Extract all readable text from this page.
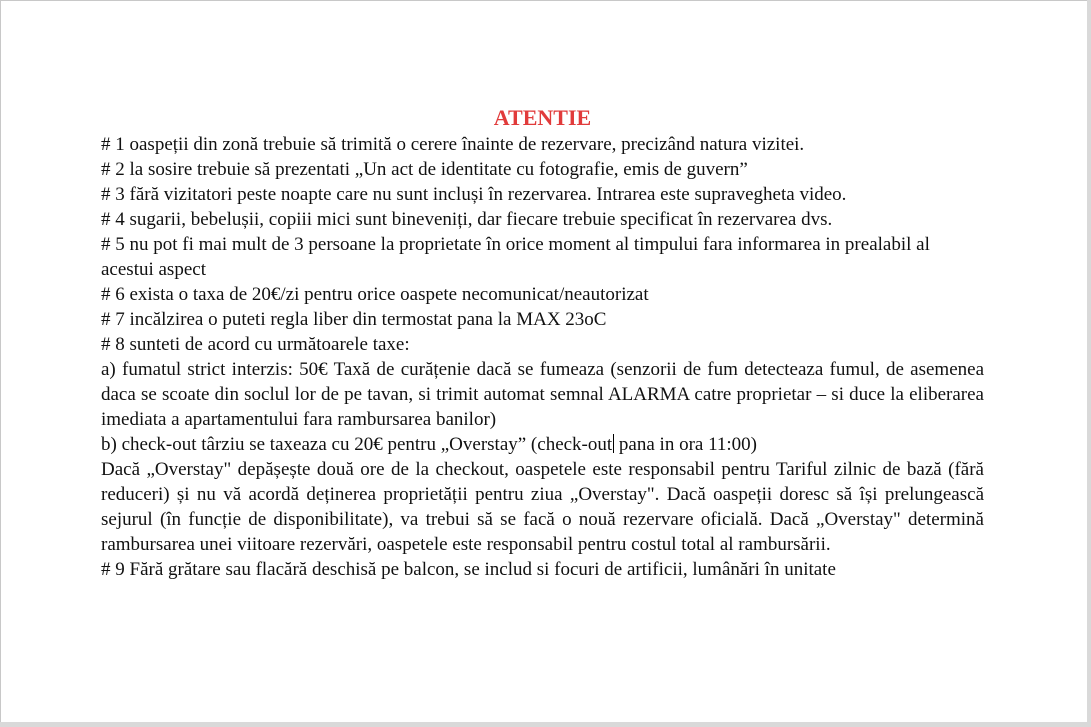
ATENTIE

# 1 oaspeții din zonă trebuie să trimită o cerere înainte de rezervare, precizând natura vizitei.

# 2 la sosire trebuie să prezentati „Un act de identitate cu fotografie, emis de guvern”

# 3 fără vizitatori peste noapte care nu sunt incluși în rezervarea. Intrarea este supravegheta video.

# 4 sugarii, bebelușii, copiii mici sunt bineveniți, dar fiecare trebuie specificat în rezervarea dvs.

# 5 nu pot fi mai mult de 3 persoane la proprietate în orice moment al timpului fara informarea in prealabil al acestui aspect

# 6 exista o taxa de 20€/zi pentru orice oaspete necomunicat/neautorizat

# 7 incălzirea o puteti regla liber din termostat pana la MAX 23oC

# 8 sunteti de acord cu următoarele taxe:

a) fumatul strict interzis: 50€ Taxă de curățenie dacă se fumeaza (senzorii de fum detecteaza fumul, de asemenea daca se scoate din soclul lor de pe tavan, si trimit automat semnal ALARMA catre proprietar – si duce la eliberarea imediata a apartamentului fara rambursarea banilor)

b) check-out târziu se taxeaza cu 20€ pentru „Overstay” (check-out pana in ora 11:00)

Dacă „Overstay" depășește două ore de la checkout, oaspetele este responsabil pentru Tariful zilnic de bază (fără reduceri) și nu vă acordă deținerea proprietății pentru ziua „Overstay". Dacă oaspeții doresc să își prelungească sejurul (în funcție de disponibilitate), va trebui să se facă o nouă rezervare oficială. Dacă „Overstay" determină rambursarea unei viitoare rezervări, oaspetele este responsabil pentru costul total al rambursării.

# 9 Fără grătare sau flacără deschisă pe balcon, se includ si focuri de artificii, lumânări în unitate
